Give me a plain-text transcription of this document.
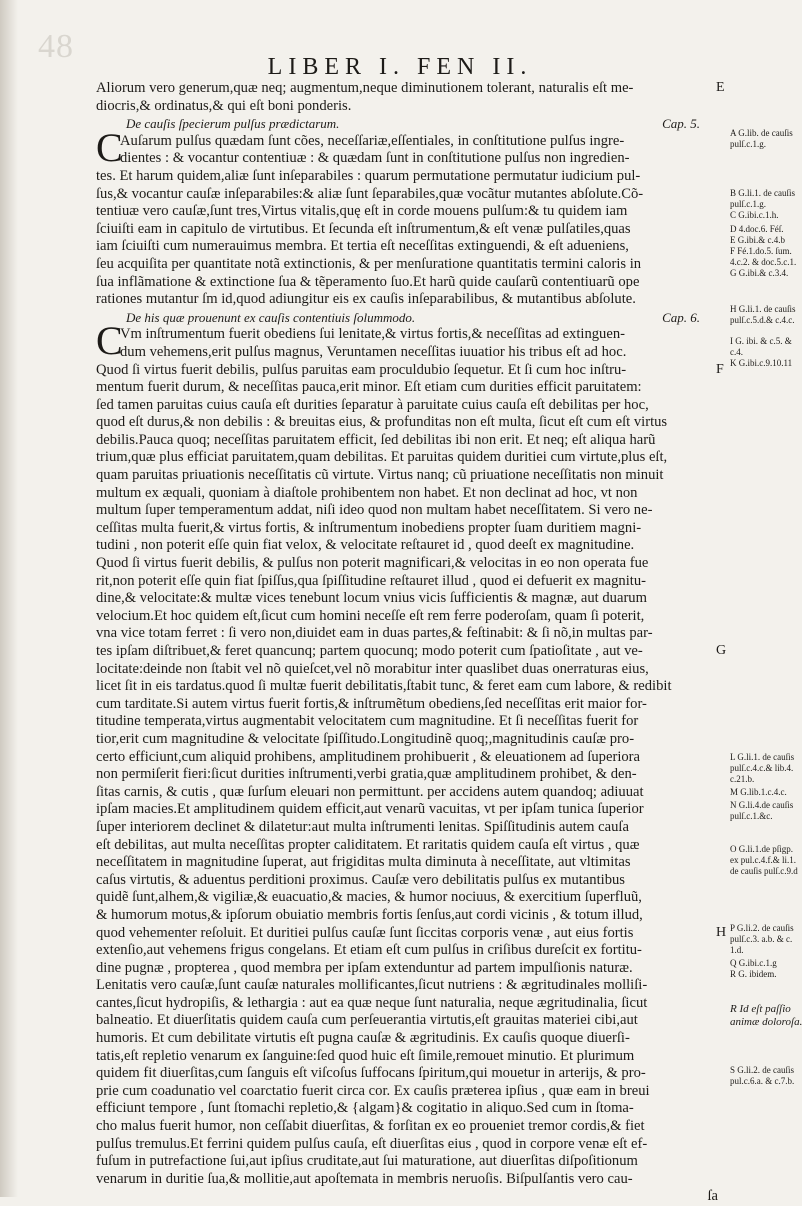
48
LIBER I. FEN II.
Aliorum vero generum,quæ neq; augmentum,neque diminutionem tolerant, naturalis eſt me-
diocris,& ordinatus,& qui eſt boni ponderis.
De cauſis ſpecierum pulſus prædictarum.	Cap. 5.
CAuſarum pulſus quædam ſunt cões, neceſſariæ,eſſentiales, in conſtitutione pulſus ingre-
dientes : & vocantur contentiuæ : & quædam ſunt in conſtitutione pulſus non ingredien-
tes. Et harum quidem,aliæ ſunt inſeparabiles : quarum permutatione permutatur iudicium pul-
ſus,& vocantur cauſæ inſeparabiles:& aliæ ſunt ſeparabiles,quæ vocãtur mutantes abſolute.Cõ-
tentiuæ vero cauſæ,ſunt tres,Virtus vitalis,quę eſt in corde mouens pulſum:& tu quidem iam
ſciuiſti eam in capitulo de virtutibus. Et ſecunda eſt inſtrumentum,& eſt venæ pulſatiles,quas
iam ſciuiſti cum numerauimus membra. Et tertia eſt neceſſitas extinguendi, & eſt adueniens,
ſeu acquiſita per quantitate notã extinctionis, & per menſuratione quantitatis termini caloris in
ſua inflãmatione & extinctione ſua & tẽperamento ſuo.Et harũ quide cauſarũ contentiuarũ ope
rationes mutantur ſm id,quod adiungitur eis ex cauſis inſeparabilibus, & mutantibus abſolute.
De his quæ prouenunt ex cauſis contentiuis ſolummodo.	Cap. 6.
CVm inſtrumentum fuerit obediens ſui lenitate,& virtus fortis,& neceſſitas ad extinguen-
dum vehemens,erit pulſus magnus, Veruntamen neceſſitas iuuatior his tribus eſt ad hoc.
Quod ſi virtus fuerit debilis, pulſus paruitas eam proculdubio ſequetur. Et ſi cum hoc inſtru-
mentum fuerit durum, & neceſſitas pauca,erit minor. Eſt etiam cum durities efficit paruitatem:
ſed tamen paruitas cuius cauſa eſt durities ſeparatur à paruitate cuius cauſa eſt debilitas per hoc,
quod eſt durus,& non debilis : & breuitas eius, & profunditas non eſt multa, ſicut eſt cum eſt virtus
debilis.Pauca quoq; neceſſitas paruitatem efficit, ſed debilitas ibi non erit. Et neq; eſt aliqua harũ
trium,quæ plus efficiat paruitatem,quam debilitas. Et paruitas quidem duritiei cum virtute,plus eſt,
quam paruitas priuationis neceſſitatis cũ virtute. Virtus nanq; cũ priuatione neceſſitatis non minuit
multum ex æquali, quoniam à diaſtole prohibentem non habet. Et non declinat ad hoc, vt non
multum ſuper temperamentum addat, niſi ideo quod non multam habet neceſſitatem. Si vero ne-
ceſſitas multa fuerit,& virtus fortis, & inſtrumentum inobediens propter ſuam duritiem magni-
tudini , non poterit eſſe quin fiat velox, & velocitate reſtauret id , quod deeſt ex magnitudine.
Quod ſi virtus fuerit debilis, & pulſus non poterit magnificari,& velocitas in eo non operata fue
rit,non poterit eſſe quin fiat ſpiſſus,qua ſpiſſitudine reſtauret illud , quod ei defuerit ex magnitu-
dine,& velocitate:& multæ vices tenebunt locum vnius vicis ſufficientis & magnæ, aut duarum
velocium.Et hoc quidem eſt,ſicut cum homini neceſſe eſt rem ferre poderoſam, quam ſi poterit,
vna vice totam ferret : ſi vero non,diuidet eam in duas partes,& feſtinabit: & ſi nõ,in multas par-
tes ipſam diſtribuet,& feret quancunq; partem quocunq; modo poterit cum ſpatioſitate , aut ve-
locitate:deinde non ſtabit vel nõ quieſcet,vel nõ morabitur inter quaslibet duas onerraturas eius,
licet ſit in eis tardatus.quod ſi multæ fuerit debilitatis,ſtabit tunc, & feret eam cum labore, & redibit
cum tarditate.Si autem virtus fuerit fortis,& inſtrumẽtum obediens,ſed neceſſitas erit maior for-
titudine temperata,virtus augmentabit velocitatem cum magnitudine. Et ſi neceſſitas fuerit for
tior,erit cum magnitudine & velocitate ſpiſſitudo.Longitudinẽ quoq;,magnitudinis cauſæ pro-
certo efficiunt,cum aliquid prohibens, amplitudinem prohibuerit , & eleuationem ad ſuperiora
non permiſerit fieri:ſicut durities inſtrumenti,verbi gratia,quæ amplitudinem prohibet, & den-
ſitas carnis, & cutis , quæ ſurſum eleuari non permittunt. per accidens autem quandoq; adiuuat
ipſam macies.Et amplitudinem quidem efficit,aut venarũ vacuitas, vt per ipſam tunica ſuperior
ſuper interiorem declinet & dilatetur:aut multa inſtrumenti lenitas. Spiſſitudinis autem cauſa
eſt debilitas, aut multa neceſſitas propter caliditatem. Et raritatis quidem cauſa eſt virtus , quæ
neceſſitatem in magnitudine ſuperat, aut frigiditas multa diminuta à neceſſitate, aut vltimitas
caſus virtutis, & aduentus perditioni proximus. Cauſæ vero debilitatis pulſus ex mutantibus
quidẽ ſunt,alhem,& vigiliæ,& euacuatio,& macies, & humor nociuus, & exercitium ſuperfluũ,
& humorum motus,& ipſorum obuiatio membris fortis ſenſus,aut cordi vicinis , & totum illud,
quod vehementer reſoluit. Et duritiei pulſus cauſæ ſunt ſiccitas corporis venæ , aut eius fortis
extenſio,aut vehemens frigus congelans. Et etiam eſt cum pulſus in criſibus dureſcit ex fortitu-
dine pugnæ , propterea , quod membra per ipſam extenduntur ad partem impulſionis naturæ.
Lenitatis vero cauſæ,ſunt cauſæ naturales mollificantes,ſicut nutriens : & ægritudinales molliſi-
cantes,ſicut hydropiſis, & lethargia : aut ea quæ neque ſunt naturalia, neque ægritudinalia, ſicut
balneatio. Et diuerſitatis quidem cauſa cum perſeuerantia virtutis,eſt grauitas materiei cibi,aut
humoris. Et cum debilitate virtutis eſt pugna cauſæ & ægritudinis. Ex cauſis quoque diuerſi-
tatis,eſt repletio venarum ex ſanguine:ſed quod huic eſt ſimile,remouet minutio. Et plurimum
quidem fit diuerſitas,cum ſanguis eſt viſcoſus ſuffocans ſpiritum,qui mouetur in arterijs, & pro-
prie cum coadunatio vel coarctatio fuerit circa cor. Ex cauſis præterea ipſius , quæ eam in breui
efficiunt tempore , ſunt ſtomachi repletio,& {algam}& cogitatio in aliquo.Sed cum in ſtoma-
cho malus fuerit humor, non ceſſabit diuerſitas, & forſitan ex eo proueniet tremor cordis,& fiet
pulſus tremulus.Et ferrini quidem pulſus cauſa, eſt diuerſitas eius , quod in corpore venæ eſt ef-
fuſum in putrefactione ſui,aut ipſius cruditate,aut ſui maturatione, aut diuerſitas diſpoſitionum
venarum in duritie ſua,& mollitie,aut apoſtemata in membris neruoſis. Biſpulſantis vero cau-
ſa
E
F
G
H
A G.lib. de cauſis
pulſ.c.1.g.
B G.li.1. de cauſis
pulſ.c.1.g.
C G.ibi.c.1.h.
D 4.doc.6. Féſ.
E G.ibi.& c.4.b
F Fé.1.do.5. ſum.
4.c.2. & doc.5.c.1.
G G.ibi.& c.3.4.
H G.li.1. de cauſis
pulſ.c.5.d.& c.4.c.
I G. ibi. & c.5. &
c.4.
K G.ibi.c.9.10.11
L G.li.1. de cauſis
pulſ.c.4.c.& lib.4.
c.21.b.
M G.lib.1.c.4.c.
N G.li.4.de cauſis
pulſ.c.1.&c.
O G.li.1.de pſigp.
ex pul.c.4.f.& li.1.
de cauſis pulſ.c.9.d
P G.li.2. de cauſis
pulſ.c.3. a.b. & c.
1.d.
Q G.ibi.c.1.g
R G. ibidem.
R Id eſt paſſio
animæ doloroſa.
S G.li.2. de cauſis
pul.c.6.a. & c.7.b.
